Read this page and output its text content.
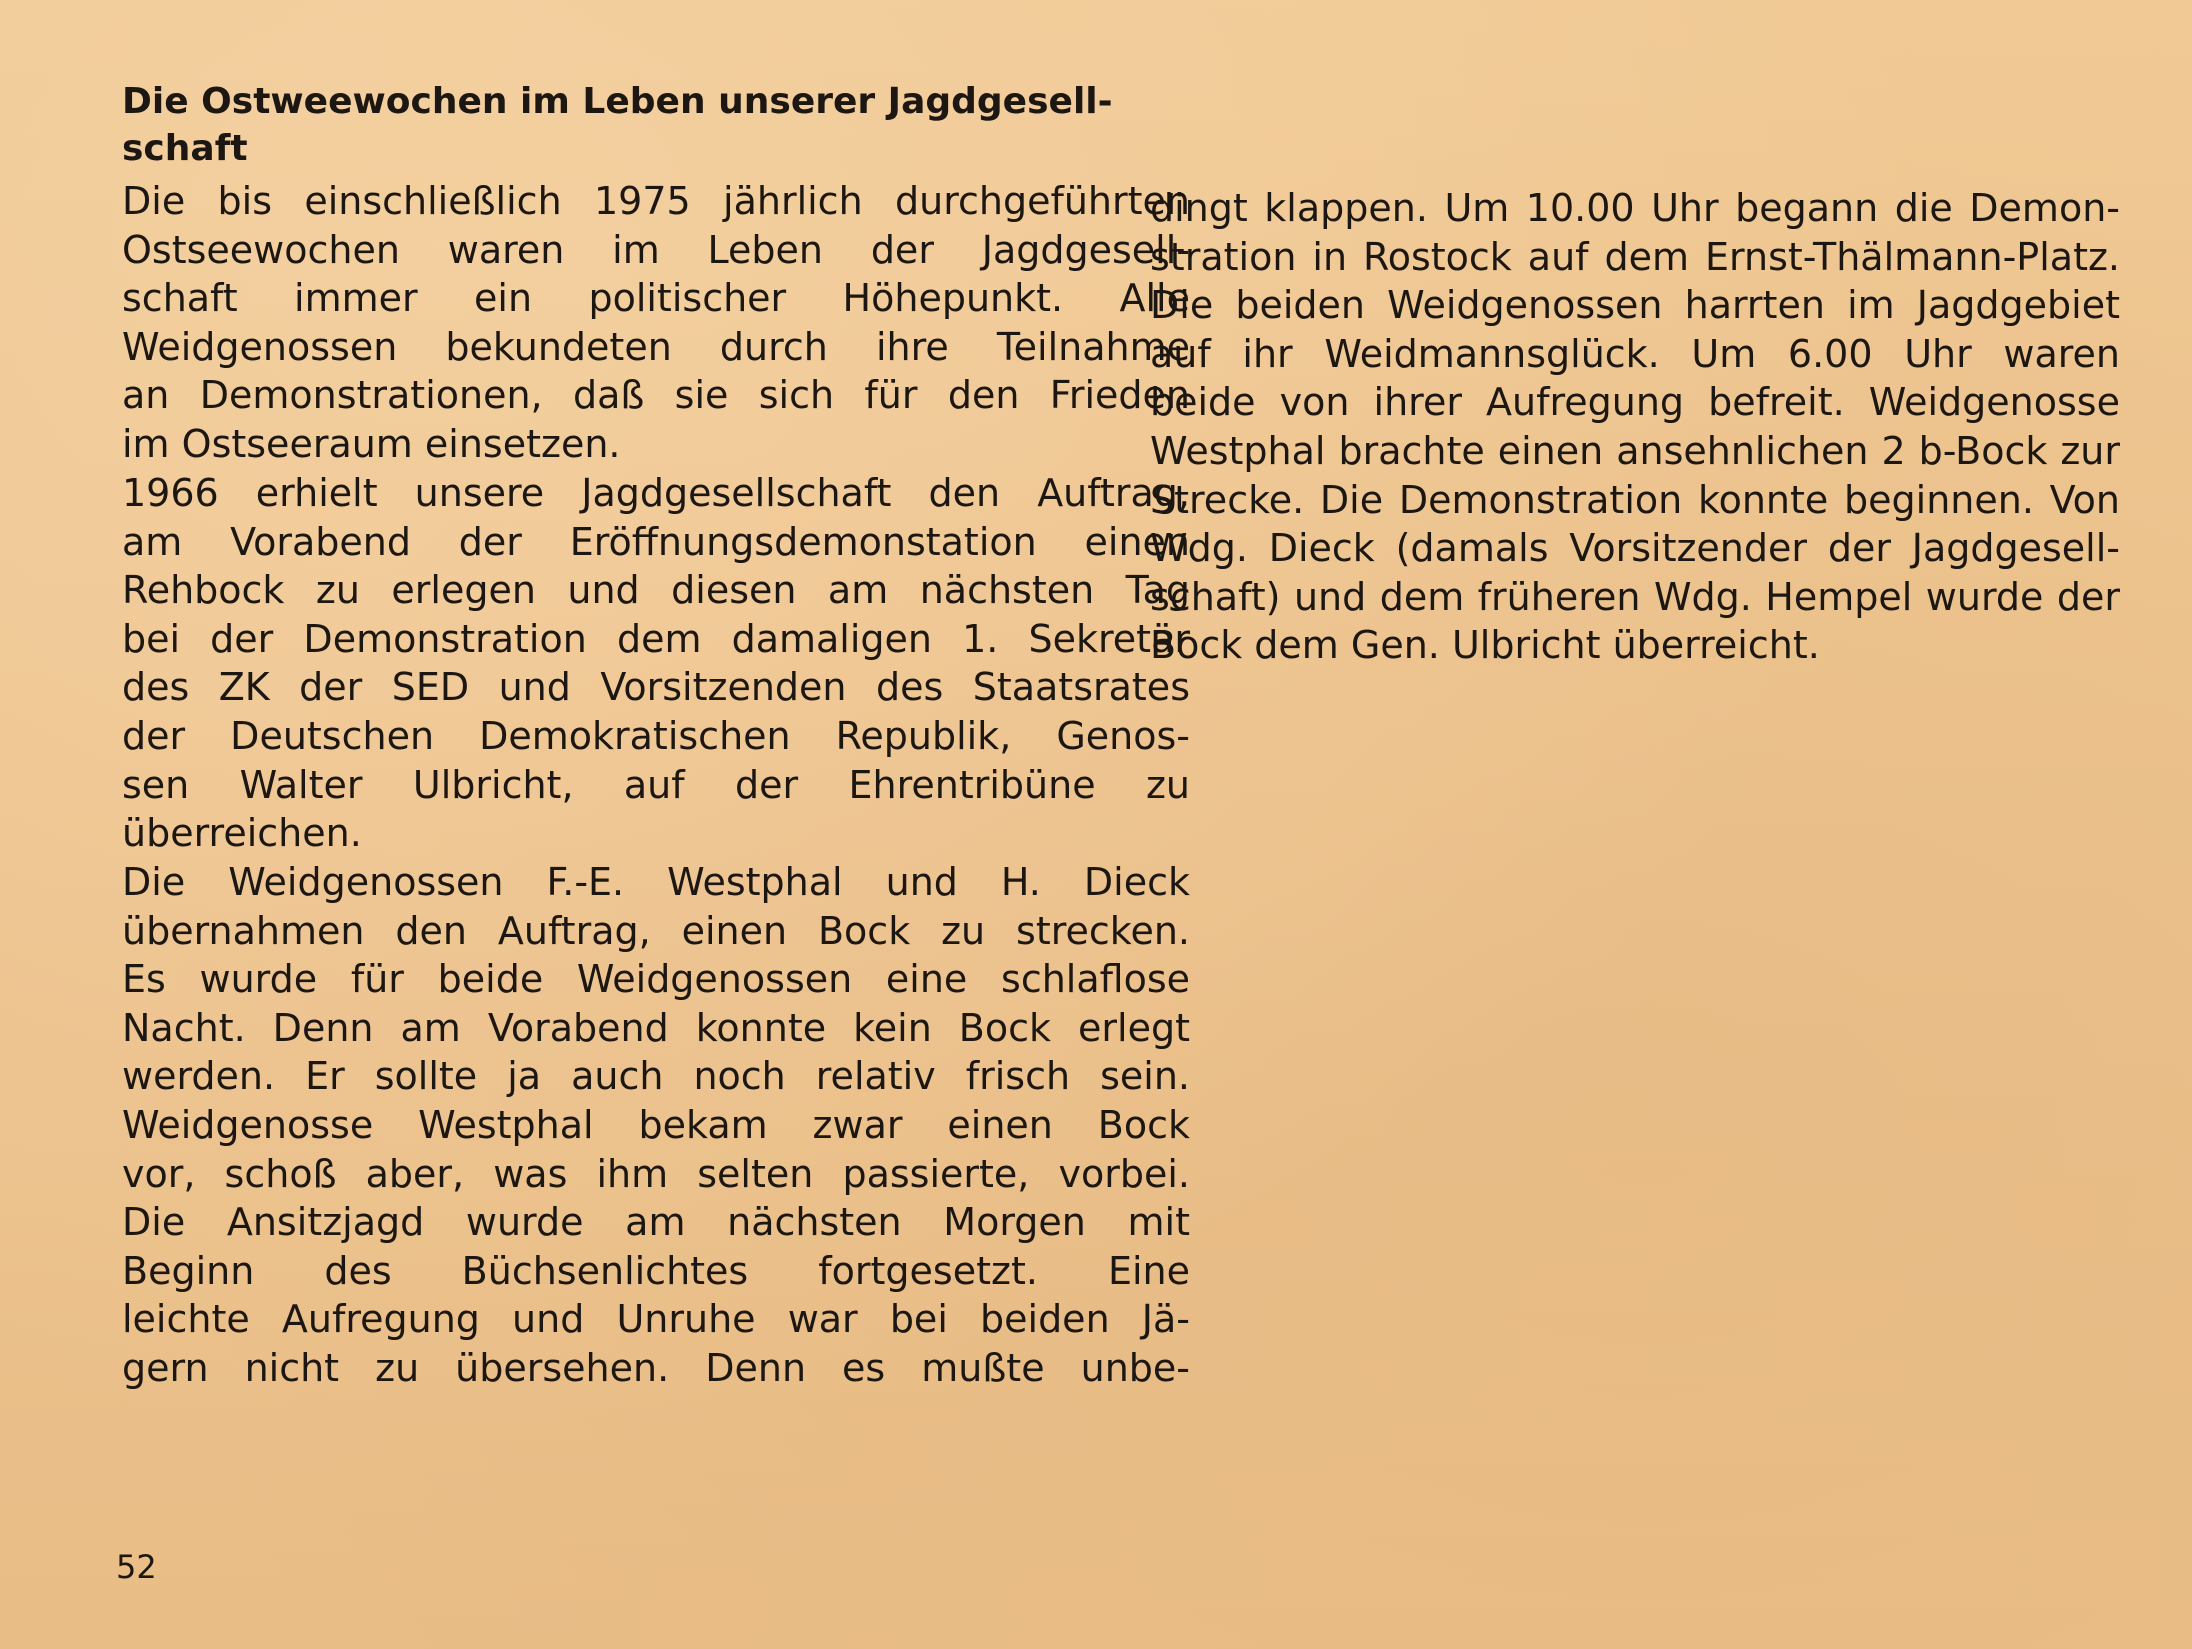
Die Ostweewochen im Leben unserer Jagdgesell-
schaft
Die bis einschließlich 1975 jährlich durchgeführten
Ostseewochen waren im Leben der Jagdgesell-
schaft immer ein politischer Höhepunkt. Alle
Weidgenossen bekundeten durch ihre Teilnahme
an Demonstrationen, daß sie sich für den Frieden
im Ostseeraum einsetzen.
1966 erhielt unsere Jagdgesellschaft den Auftrag,
am Vorabend der Eröffnungsdemonstation einen
Rehbock zu erlegen und diesen am nächsten Tag
bei der Demonstration dem damaligen 1. Sekretär
des ZK der SED und Vorsitzenden des Staatsrates
der Deutschen Demokratischen Republik, Genos-
sen Walter Ulbricht, auf der Ehrentribüne zu
überreichen.
Die Weidgenossen F.-E. Westphal und H. Dieck
übernahmen den Auftrag, einen Bock zu strecken.
Es wurde für beide Weidgenossen eine schlaflose
Nacht. Denn am Vorabend konnte kein Bock erlegt
werden. Er sollte ja auch noch relativ frisch sein.
Weidgenosse Westphal bekam zwar einen Bock
vor, schoß aber, was ihm selten passierte, vorbei.
Die Ansitzjagd wurde am nächsten Morgen mit
Beginn des Büchsenlichtes fortgesetzt. Eine
leichte Aufregung und Unruhe war bei beiden Jä-
gern nicht zu übersehen. Denn es mußte unbe-
dingt klappen. Um 10.00 Uhr begann die Demon-
stration in Rostock auf dem Ernst-Thälmann-Platz.
Die beiden Weidgenossen harrten im Jagdgebiet
auf ihr Weidmannsglück. Um 6.00 Uhr waren
beide von ihrer Aufregung befreit. Weidgenosse
Westphal brachte einen ansehnlichen 2 b-Bock zur
Strecke. Die Demonstration konnte beginnen. Von
Wdg. Dieck (damals Vorsitzender der Jagdgesell-
schaft) und dem früheren Wdg. Hempel wurde der
Bock dem Gen. Ulbricht überreicht.
52
